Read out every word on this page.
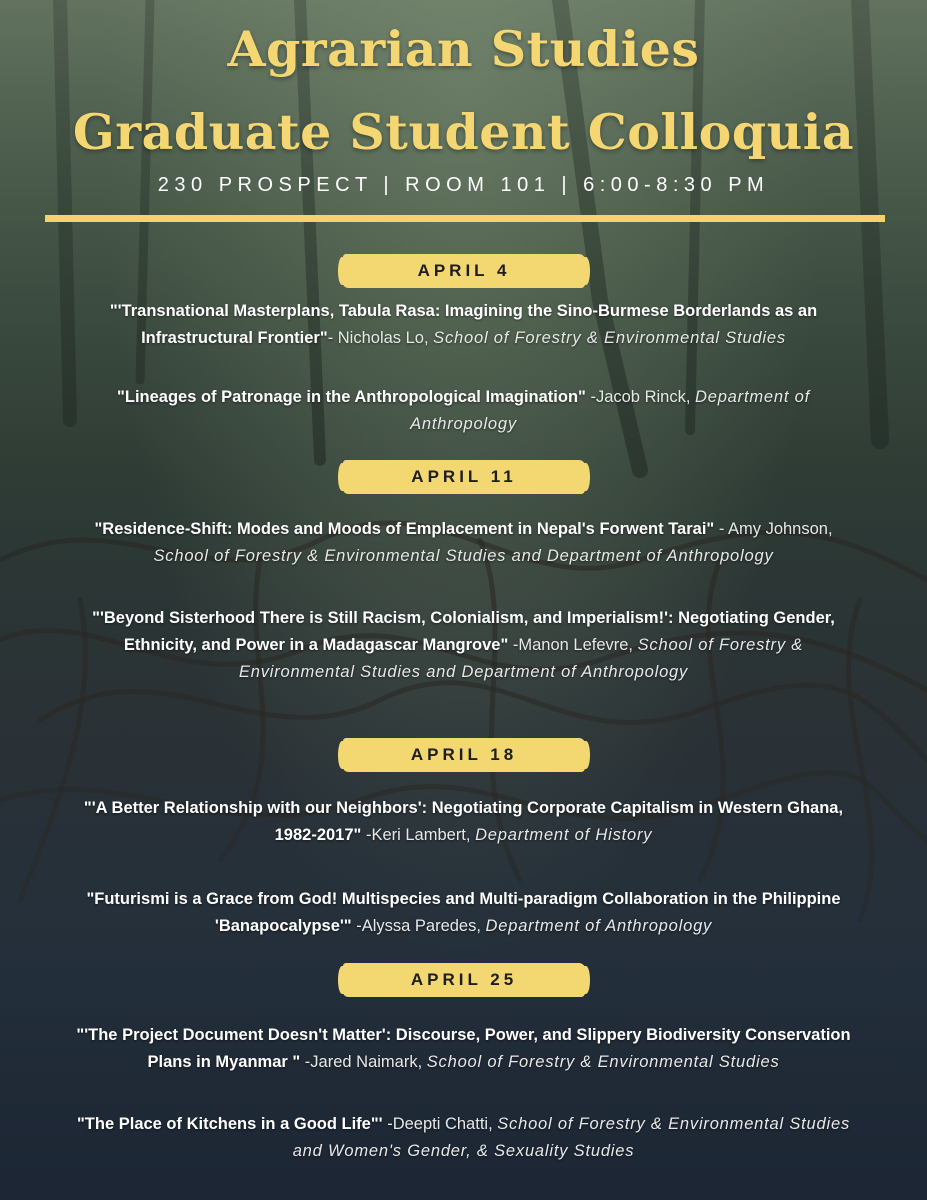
Agrarian Studies
Graduate Student Colloquia
230 PROSPECT | ROOM 101 | 6:00-8:30 PM
APRIL 4
"'Transnational Masterplans, Tabula Rasa: Imagining the Sino-Burmese Borderlands as an Infrastructural Frontier"- Nicholas Lo, School of Forestry & Environmental Studies
"Lineages of Patronage in the Anthropological Imagination" -Jacob Rinck, Department of Anthropology
APRIL 11
"Residence-Shift: Modes and Moods of Emplacement in Nepal's Forwent Tarai" - Amy Johnson, School of Forestry & Environmental Studies and Department of Anthropology
"'Beyond Sisterhood There is Still Racism, Colonialism, and Imperialism!': Negotiating Gender, Ethnicity, and Power in a Madagascar Mangrove" -Manon Lefevre, School of Forestry & Environmental Studies and Department of Anthropology
APRIL 18
"'A Better Relationship with our Neighbors': Negotiating Corporate Capitalism in Western Ghana, 1982-2017" -Keri Lambert, Department of History
"Futurismi is a Grace from God! Multispecies and Multi-paradigm Collaboration in the Philippine 'Banapocalypse'" -Alyssa Paredes, Department of Anthropology
APRIL 25
"'The Project Document Doesn't Matter': Discourse, Power, and Slippery Biodiversity Conservation Plans in Myanmar " -Jared Naimark, School of Forestry & Environmental Studies
"The Place of Kitchens in a Good Life"' -Deepti Chatti, School of Forestry & Environmental Studies and Women's Gender, & Sexuality Studies
